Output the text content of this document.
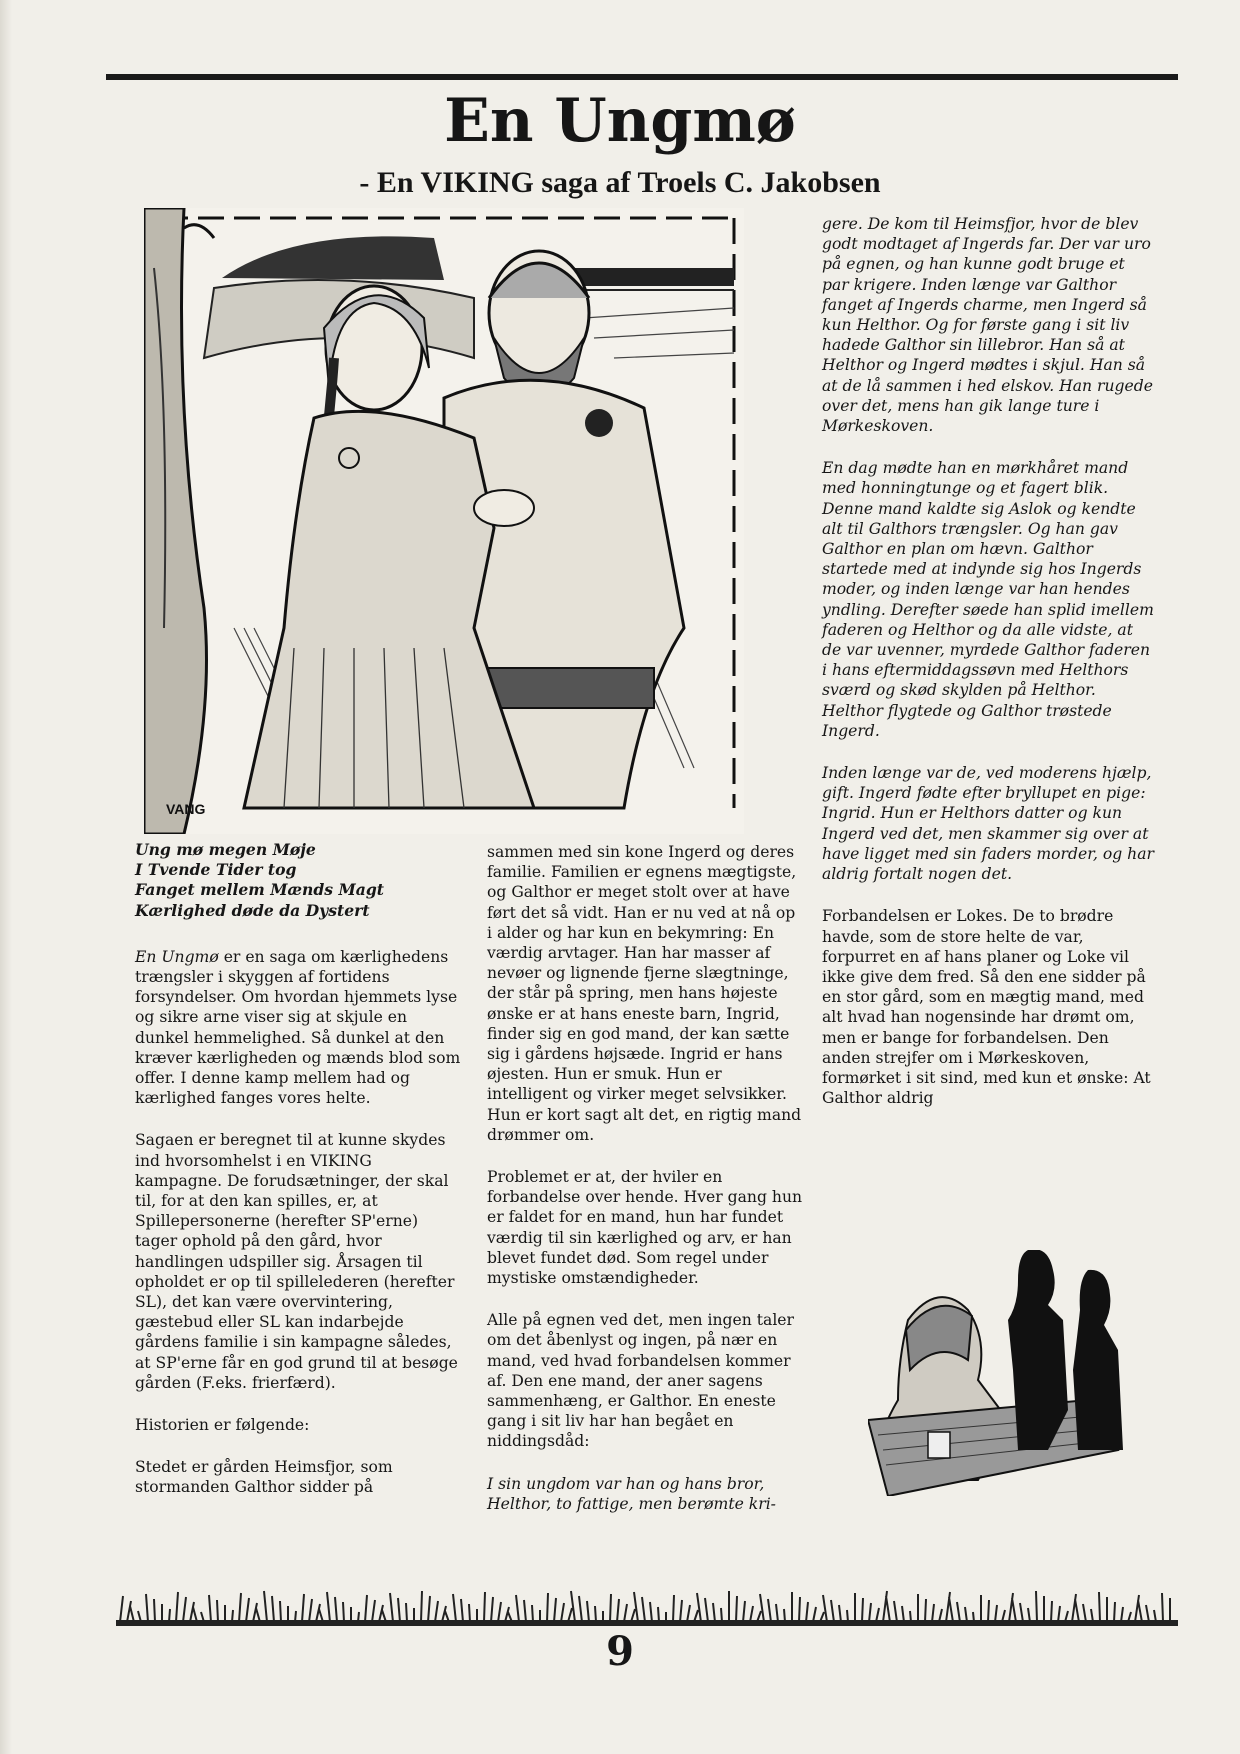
En Ungmø
- En VIKING saga af Troels C. Jakobsen
VANG

Ung mø megen Møje
I Tvende Tider tog
Fanget mellem Mænds Magt
Kærlighed døde da Dystert

En Ungmø er en saga om kærlighedens trængsler i skyggen af fortidens forsyndelser. Om hvordan hjemmets lyse og sikre arne viser sig at skjule en dunkel hemmelighed. Så dunkel at den kræver kærligheden og mænds blod som offer. I denne kamp mellem had og kærlighed fanges vores helte.

Sagaen er beregnet til at kunne skydes ind hvorsomhelst i en VIKING kampagne. De forudsætninger, der skal til, for at den kan spilles, er, at Spillepersonerne (herefter SP'erne) tager ophold på den gård, hvor handlingen udspiller sig. Årsagen til opholdet er op til spillelederen (herefter SL), det kan være overvintering, gæstebud eller SL kan indarbejde gårdens familie i sin kampagne således, at SP'erne får en god grund til at besøge gården (F.eks. frierfærd).

Historien er følgende:

Stedet er gården Heimsfjor, som stormanden Galthor sidder på

sammen med sin kone Ingerd og deres familie. Familien er egnens mægtigste, og Galthor er meget stolt over at have ført det så vidt. Han er nu ved at nå op i alder og har kun en bekymring: En værdig arvtager. Han har masser af nevøer og lignende fjerne slægtninge, der står på spring, men hans højeste ønske er at hans eneste barn, Ingrid, finder sig en god mand, der kan sætte sig i gårdens højsæde. Ingrid er hans øjesten. Hun er smuk. Hun er intelligent og virker meget selvsikker. Hun er kort sagt alt det, en rigtig mand drømmer om.

Problemet er at, der hviler en forbandelse over hende. Hver gang hun er faldet for en mand, hun har fundet værdig til sin kærlighed og arv, er han blevet fundet død. Som regel under mystiske omstændigheder.

Alle på egnen ved det, men ingen taler om det åbenlyst og ingen, på nær en mand, ved hvad forbandelsen kommer af. Den ene mand, der aner sagens sammenhæng, er Galthor. En eneste gang i sit liv har han begået en niddingsdåd:

I sin ungdom var han og hans bror, Helthor, to fattige, men berømte kri-

gere. De kom til Heimsfjor, hvor de blev godt modtaget af Ingerds far. Der var uro på egnen, og han kunne godt bruge et par krigere. Inden længe var Galthor fanget af Ingerds charme, men Ingerd så kun Helthor. Og for første gang i sit liv hadede Galthor sin lillebror. Han så at Helthor og Ingerd mødtes i skjul. Han så at de lå sammen i hed elskov. Han rugede over det, mens han gik lange ture i Mørkeskoven.

En dag mødte han en mørkhåret mand med honningtunge og et fagert blik. Denne mand kaldte sig Aslok og kendte alt til Galthors trængsler. Og han gav Galthor en plan om hævn. Galthor startede med at indynde sig hos Ingerds moder, og inden længe var han hendes yndling. Derefter søede han splid imellem faderen og Helthor og da alle vidste, at de var uvenner, myrdede Galthor faderen i hans eftermiddagssøvn med Helthors sværd og skød skylden på Helthor. Helthor flygtede og Galthor trøstede Ingerd.

Inden længe var de, ved moderens hjælp, gift. Ingerd fødte efter bryllupet en pige: Ingrid. Hun er Helthors datter og kun Ingerd ved det, men skammer sig over at have ligget med sin faders morder, og har aldrig fortalt nogen det.

Forbandelsen er Lokes. De to brødre havde, som de store helte de var, forpurret en af hans planer og Loke vil ikke give dem fred. Så den ene sidder på en stor gård, som en mægtig mand, med alt hvad han nogensinde har drømt om, men er bange for forbandelsen. Den anden strejfer om i Mørkeskoven, formørket i sit sind, med kun et ønske: At Galthor aldrig

9
